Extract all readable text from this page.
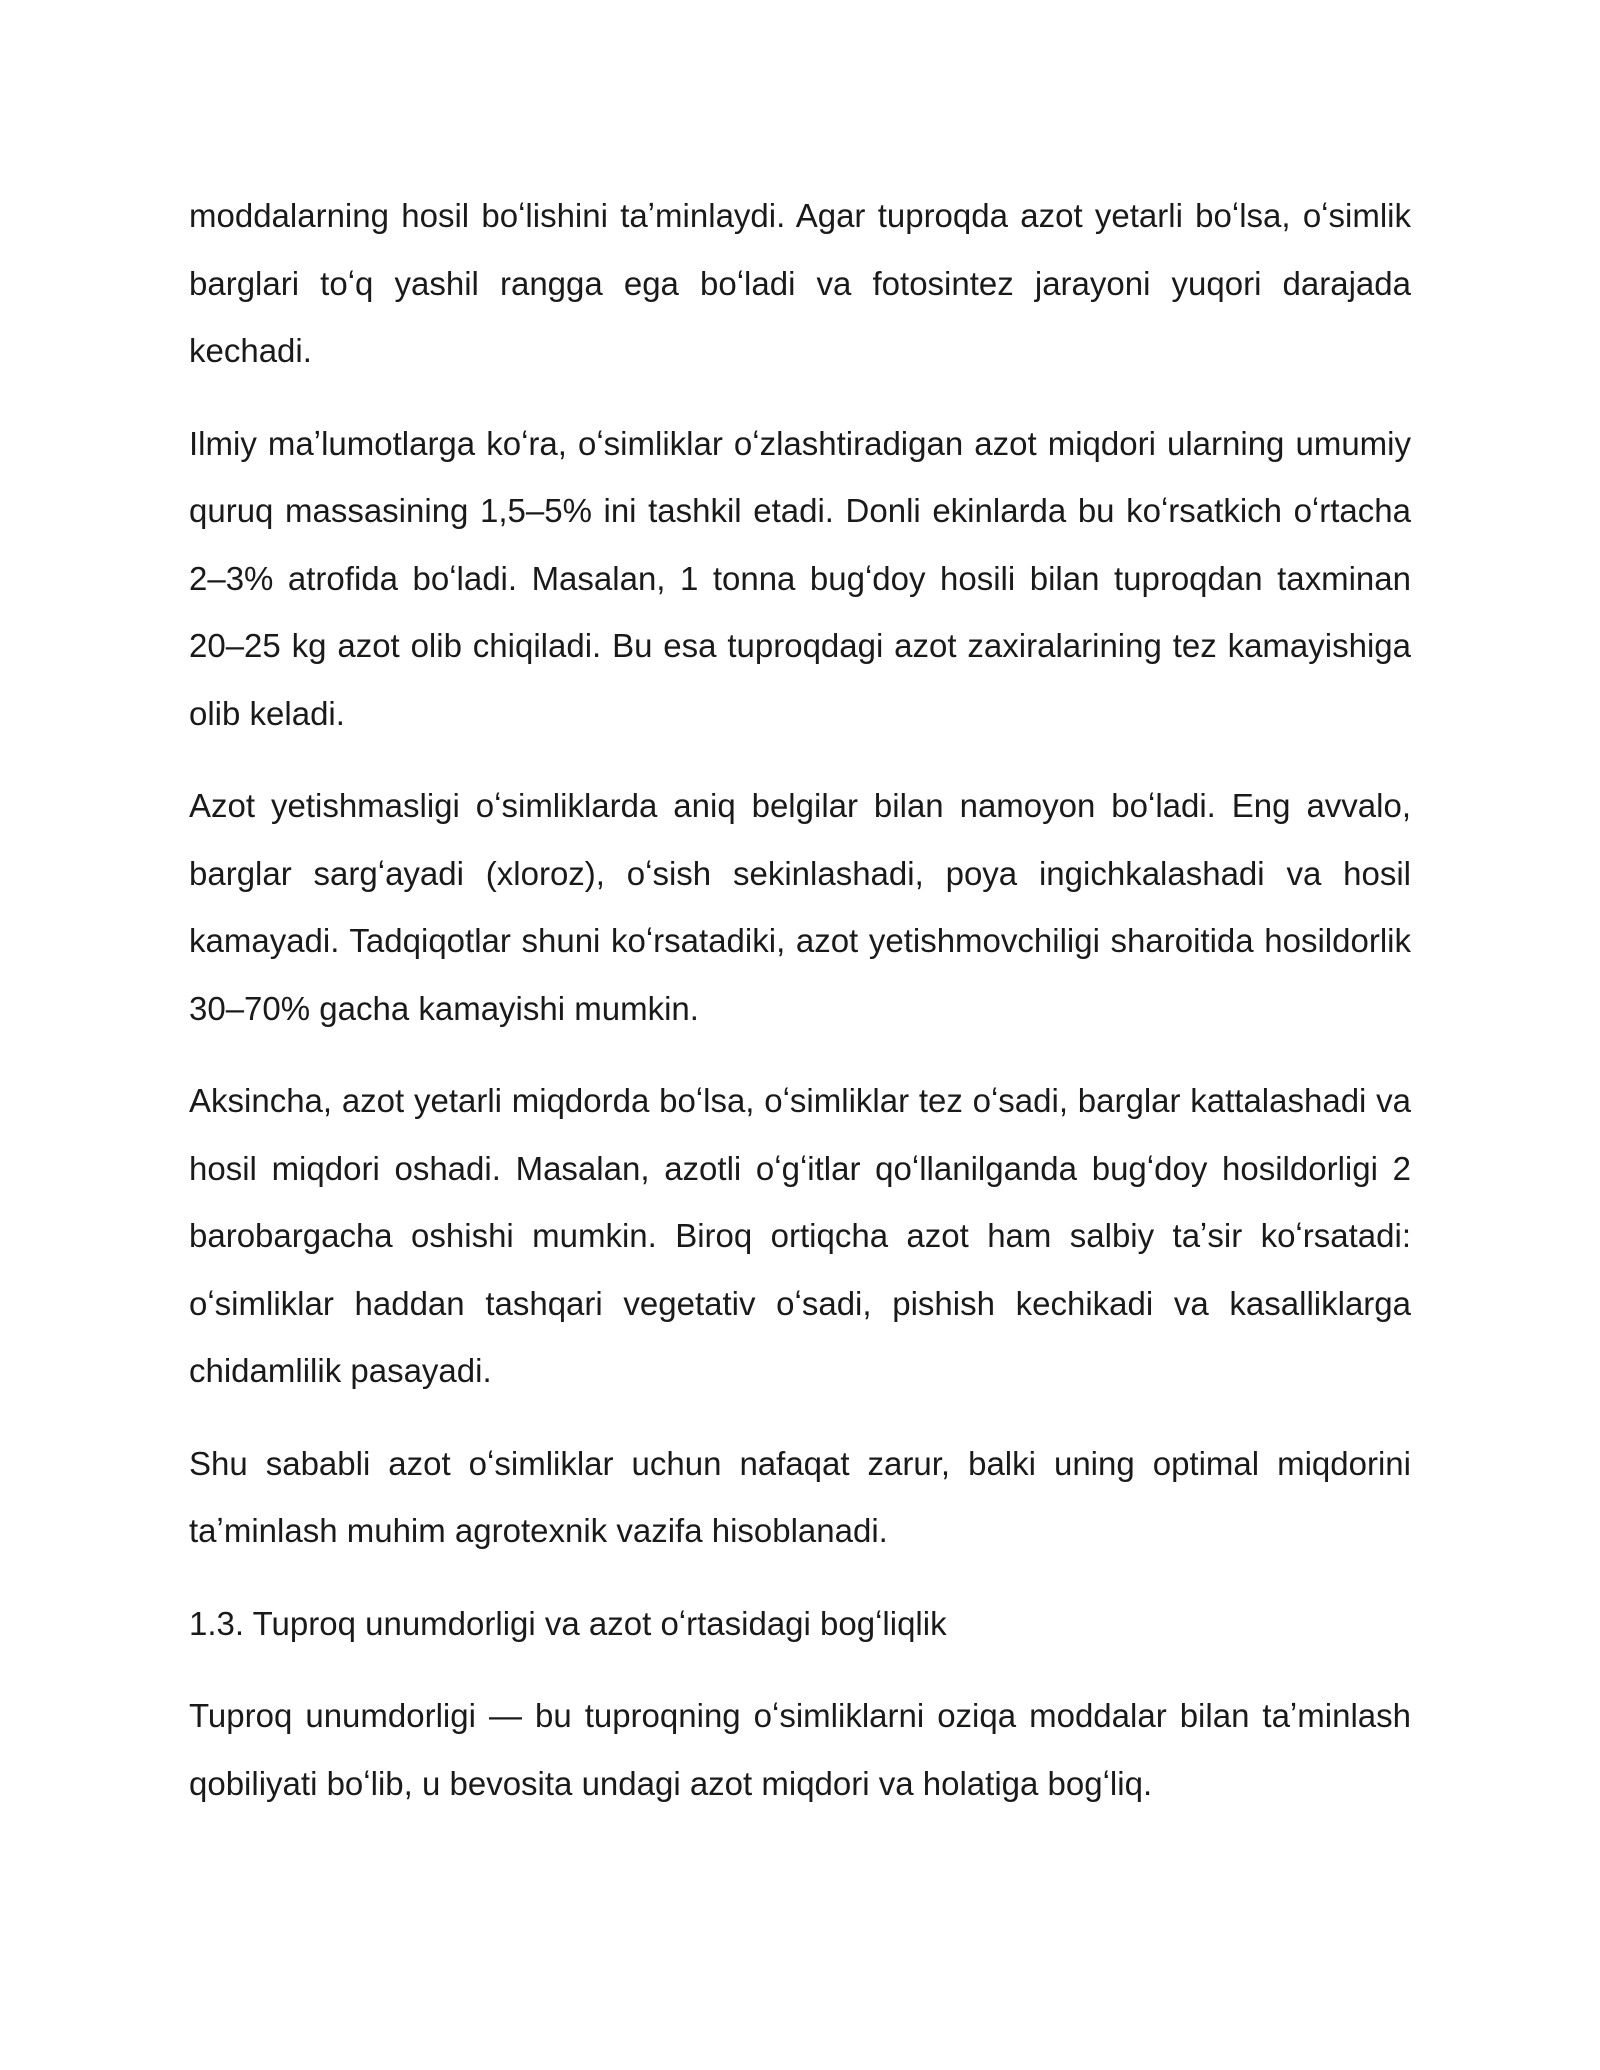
moddalarning hosil boʻlishini taʼminlaydi. Agar tuproqda azot yetarli boʻlsa, oʻsimlik barglari toʻq yashil rangga ega boʻladi va fotosintez jarayoni yuqori darajada kechadi.

Ilmiy maʼlumotlarga koʻra, oʻsimliklar oʻzlashtiradigan azot miqdori ularning umumiy quruq massasining 1,5–5% ini tashkil etadi. Donli ekinlarda bu koʻrsatkich oʻrtacha 2–3% atrofida boʻladi. Masalan, 1 tonna bugʻdoy hosili bilan tuproqdan taxminan 20–25 kg azot olib chiqiladi. Bu esa tuproqdagi azot zaxiralarining tez kamayishiga olib keladi.

Azot yetishmasligi oʻsimliklarda aniq belgilar bilan namoyon boʻladi. Eng avvalo, barglar sargʻayadi (xloroz), oʻsish sekinlashadi, poya ingichkalashadi va hosil kamayadi. Tadqiqotlar shuni koʻrsatadiki, azot yetishmovchiligi sharoitida hosildorlik 30–70% gacha kamayishi mumkin.

Aksincha, azot yetarli miqdorda boʻlsa, oʻsimliklar tez oʻsadi, barglar kattalashadi va hosil miqdori oshadi. Masalan, azotli oʻgʻitlar qoʻllanilganda bugʻdoy hosildorligi 2 barobargacha oshishi mumkin. Biroq ortiqcha azot ham salbiy taʼsir koʻrsatadi: oʻsimliklar haddan tashqari vegetativ oʻsadi, pishish kechikadi va kasalliklarga chidamlilik pasayadi.

Shu sababli azot oʻsimliklar uchun nafaqat zarur, balki uning optimal miqdorini taʼminlash muhim agrotexnik vazifa hisoblanadi.

1.3. Tuproq unumdorligi va azot oʻrtasidagi bogʻliqlik

Tuproq unumdorligi — bu tuproqning oʻsimliklarni oziqa moddalar bilan taʼminlash qobiliyati boʻlib, u bevosita undagi azot miqdori va holatiga bogʻliq.
